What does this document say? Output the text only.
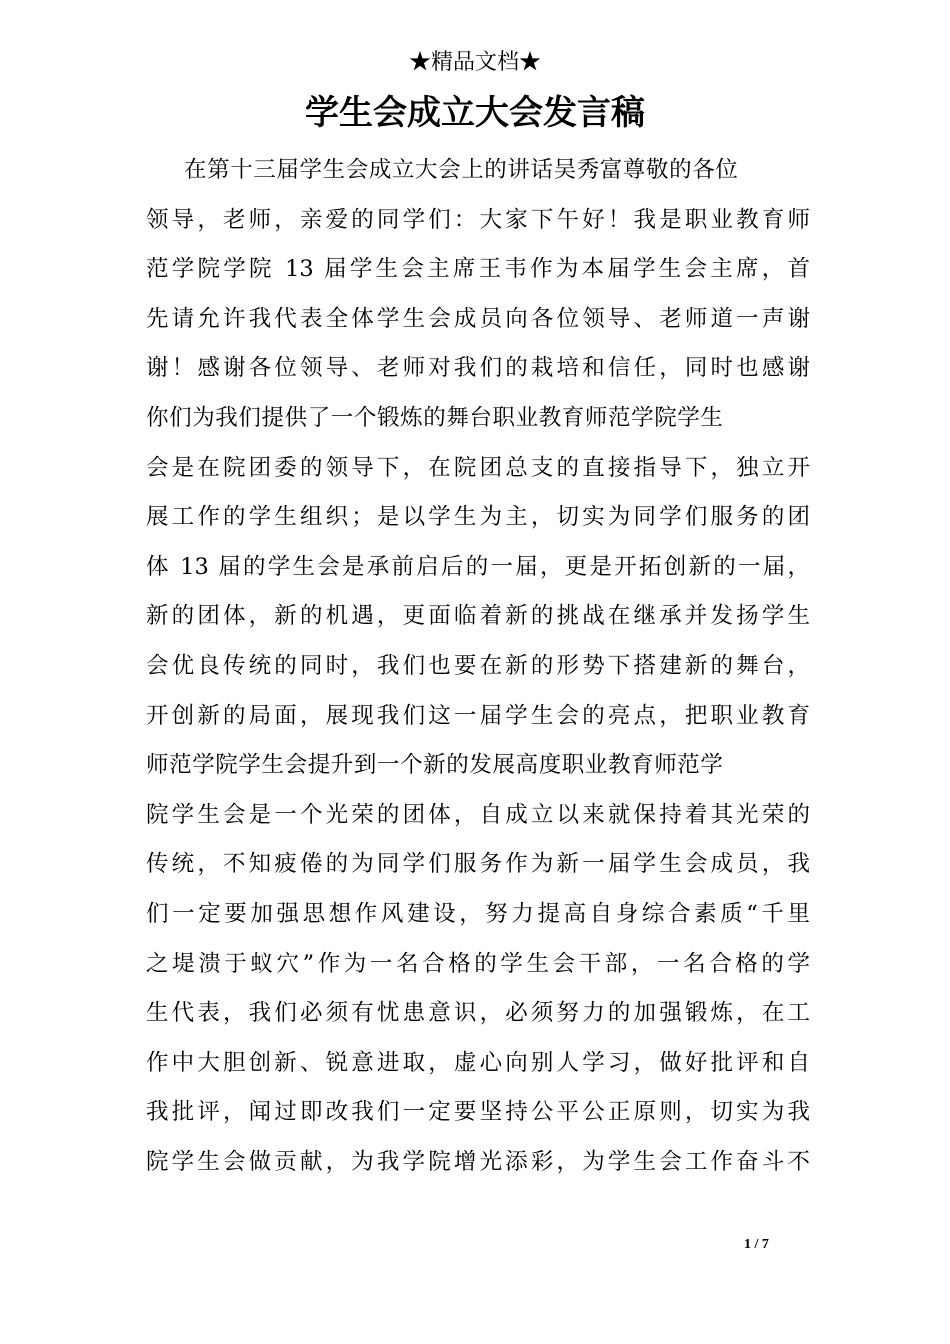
★精品文档★
学生会成立大会发言稿
在第十三届学生会成立大会上的讲话吴秀富尊敬的各位
领导，老师，亲爱的同学们：大家下午好！我是职业教育师
范学院学院 13 届学生会主席王韦作为本届学生会主席，首
先请允许我代表全体学生会成员向各位领导、老师道一声谢
谢！感谢各位领导、老师对我们的栽培和信任，同时也感谢
你们为我们提供了一个锻炼的舞台职业教育师范学院学生
会是在院团委的领导下，在院团总支的直接指导下，独立开
展工作的学生组织；是以学生为主，切实为同学们服务的团
体 13 届的学生会是承前启后的一届，更是开拓创新的一届，
新的团体，新的机遇，更面临着新的挑战在继承并发扬学生
会优良传统的同时，我们也要在新的形势下搭建新的舞台，
开创新的局面，展现我们这一届学生会的亮点，把职业教育
师范学院学生会提升到一个新的发展高度职业教育师范学
院学生会是一个光荣的团体，自成立以来就保持着其光荣的
传统，不知疲倦的为同学们服务作为新一届学生会成员，我
们一定要加强思想作风建设，努力提高自身综合素质“千里
之堤溃于蚁穴”作为一名合格的学生会干部，一名合格的学
生代表，我们必须有忧患意识，必须努力的加强锻炼，在工
作中大胆创新、锐意进取，虚心向别人学习，做好批评和自
我批评，闻过即改我们一定要坚持公平公正原则，切实为我
院学生会做贡献，为我学院增光添彩，为学生会工作奋斗不
1 / 7
